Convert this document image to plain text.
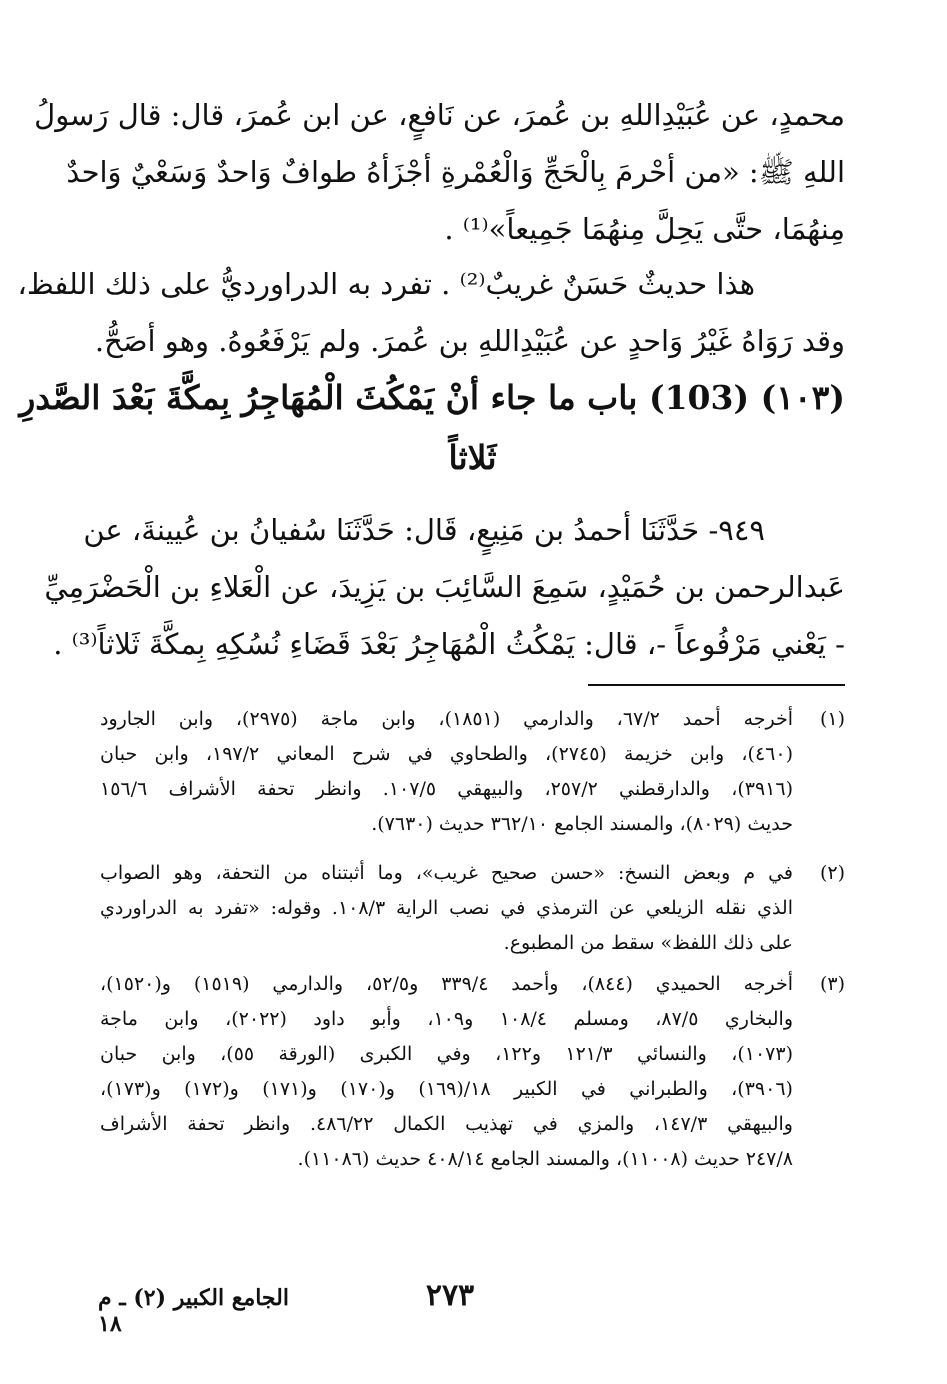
محمدٍ، عن عُبَيْدِاللهِ بن عُمرَ، عن نَافعٍ، عن ابن عُمرَ، قال: قال رَسولُ
اللهِ ﷺ: «من أحْرمَ بِالْحَجِّ وَالْعُمْرةِ أجْزَأهُ طوافٌ وَاحدٌ وَسَعْيٌ وَاحدٌ
مِنهُمَا، حتَّى يَحِلَّ مِنهُمَا جَمِيعاً»⁽¹⁾ .
هذا حديثٌ حَسَنٌ غريبٌ⁽²⁾ . تفرد به الدراورديُّ على ذلك اللفظ،
وقد رَوَاهُ غَيْرُ وَاحدٍ عن عُبَيْدِاللهِ بن عُمرَ. ولم يَرْفَعُوهُ. وهو أصَحُّ.
(١٠٣) (103) باب ما جاء أنْ يَمْكُثَ الْمُهَاجِرُ بِمكَّةَ بَعْدَ الصَّدرِ
ثَلاثاً
٩٤٩- حَدَّثَنَا أحمدُ بن مَنِيعٍ، قَال: حَدَّثَنَا سُفيانُ بن عُيينةَ، عن
عَبدالرحمن بن حُمَيْدٍ، سَمِعَ السَّائِبَ بن يَزِيدَ، عن الْعَلاءِ بن الْحَضْرَمِيِّ
- يَعْني مَرْفُوعاً -، قال: يَمْكُثُ الْمُهَاجِرُ بَعْدَ قَضَاءِ نُسُكِهِ بِمكَّةَ ثَلاثاً⁽³⁾ .
(١)
أخرجه أحمد ٦٧/٢، والدارمي (١٨٥١)، وابن ماجة (٢٩٧٥)، وابن الجارود
(٤٦٠)، وابن خزيمة (٢٧٤٥)، والطحاوي في شرح المعاني ١٩٧/٢، وابن حبان
(٣٩١٦)، والدارقطني ٢٥٧/٢، والبيهقي ١٠٧/٥. وانظر تحفة الأشراف ١٥٦/٦
حديث (٨٠٢٩)، والمسند الجامع ٣٦٢/١٠ حديث (٧٦٣٠).
(٢)
في م وبعض النسخ: «حسن صحيح غريب»، وما أثبتناه من التحفة، وهو الصواب
الذي نقله الزيلعي عن الترمذي في نصب الراية ١٠٨/٣. وقوله: «تفرد به الدراوردي
على ذلك اللفظ» سقط من المطبوع.
(٣)
أخرجه الحميدي (٨٤٤)، وأحمد ٣٣٩/٤ و٥٢/٥، والدارمي (١٥١٩) و(١٥٢٠)،
والبخاري ٨٧/٥، ومسلم ١٠٨/٤ و١٠٩، وأبو داود (٢٠٢٢)، وابن ماجة
(١٠٧٣)، والنسائي ١٢١/٣ و١٢٢، وفي الكبرى (الورقة ٥٥)، وابن حبان
(٣٩٠٦)، والطبراني في الكبير ١٨/(١٦٩) و(١٧٠) و(١٧١) و(١٧٢) و(١٧٣)،
والبيهقي ١٤٧/٣، والمزي في تهذيب الكمال ٤٨٦/٢٢. وانظر تحفة الأشراف
٢٤٧/٨ حديث (١١٠٠٨)، والمسند الجامع ٤٠٨/١٤ حديث (١١٠٨٦).
٢٧٣
الجامع الكبير (٢) ـ م ١٨
